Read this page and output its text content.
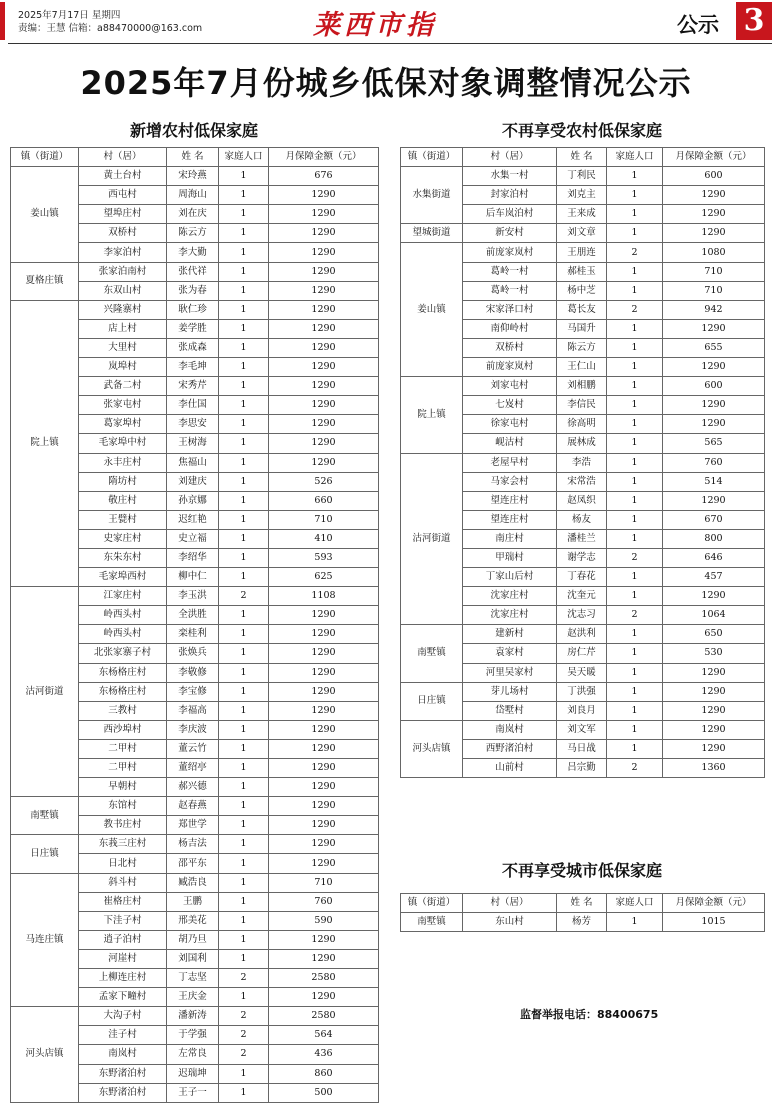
2025年7月17日 星期四
责编：王慧 信箱：a88470000@163.com	莱西市指	公示 3
2025年7月份城乡低保对象调整情况公示
新增农村低保家庭	不再享受农村低保家庭
不再享受城市低保家庭
镇（街道）	村（居）	姓 名	家庭人口	月保障金额（元）
姜山镇	黄土台村	宋玲燕	1	676
	西屯村	周海山	1	1290
	望埠庄村	刘在庆	1	1290
	双桥村	陈云方	1	1290
	李家泊村	李大勤	1	1290
夏格庄镇	张家泊南村	张代祥	1	1290
	东双山村	张为春	1	1290
院上镇	兴隆寨村	耿仁珍	1	1290
	店上村	姜学胜	1	1290
	大里村	张成森	1	1290
	岚埠村	李毛坤	1	1290
	武备二村	宋秀芹	1	1290
	张家屯村	李仕国	1	1290
	葛家埠村	李思安	1	1290
	毛家埠中村	王树海	1	1290
	永丰庄村	焦福山	1	1290
	隋坊村	刘建庆	1	526
	敬庄村	孙京娜	1	660
	王甓村	迟红艳	1	710
	史家庄村	史立福	1	410
	东朱东村	李绍华	1	593
	毛家埠西村	柳中仁	1	625
沽河街道	江家庄村	李玉洪	2	1108
	岭西头村	全洪胜	1	1290
	岭西头村	栾桂利	1	1290
	北张家寨子村	张焕兵	1	1290
	东杨格庄村	李敬修	1	1290
	东杨格庄村	李宝修	1	1290
	三教村	李福高	1	1290
	西沙埠村	李庆波	1	1290
	二甲村	董云竹	1	1290
	二甲村	董绍亭	1	1290
	早朝村	郝兴德	1	1290
南墅镇	东馆村	赵春燕	1	1290
	教书庄村	郑世学	1	1290
日庄镇	东莪三庄村	杨吉法	1	1290
	日北村	邵平东	1	1290
马连庄镇	斜斗村	臧浩良	1	710
	崔格庄村	王鹏	1	760
	下洼子村	邢美花	1	590
	逍子泊村	胡乃旦	1	1290
	河崖村	刘国利	1	1290
	上柳连庄村	丁志坚	2	2580
	孟家下疃村	王庆金	1	1290
河头店镇	大沟子村	潘新涛	2	2580
	洼子村	于学强	2	564
	南岚村	左常良	2	436
	东野渚泊村	迟瑞坤	1	860
	东野渚泊村	王子一	1	500
镇（街道）	村（居）	姓 名	家庭人口	月保障金额（元）
水集街道	水集一村	丁利民	1	600
	封家泊村	刘克主	1	1290
	后车岚泊村	王来成	1	1290
望城街道	新安村	刘文章	1	1290
姜山镇	前庞家岚村	王朋连	2	1080
	葛岭一村	郝桂玉	1	710
	葛岭一村	杨中芝	1	710
	宋家泽口村	葛长友	2	942
	南仰岭村	马国升	1	1290
	双桥村	陈云方	1	655
	前庞家岚村	王仁山	1	1290
院上镇	刘家屯村	刘相鹏	1	600
	七岌村	李信民	1	1290
	徐家屯村	徐高明	1	1290
	岘沽村	展林成	1	565
沽河街道	老屋早村	李浩	1	760
	马家会村	宋常浩	1	514
	望连庄村	赵凤织	1	1290
	望连庄村	杨友	1	670
	南庄村	潘桂兰	1	800
	甲瑞村	谢学志	2	646
	丁家山后村	丁春花	1	457
	沈家庄村	沈奎元	1	1290
	沈家庄村	沈志习	2	1064
南墅镇	建新村	赵洪利	1	650
	袁家村	房仁芹	1	530
	河里吴家村	吴天暖	1	1290
日庄镇	芽儿场村	丁洪强	1	1290
	岱墅村	刘良月	1	1290
河头店镇	南岚村	刘文军	1	1290
	西野渚泊村	马日战	1	1290
	山前村	吕宗勤	2	1360
镇（街道）	村（居）	姓 名	家庭人口	月保障金额（元）
南墅镇	东山村	杨芳	1	1015
监督举报电话：88400675
